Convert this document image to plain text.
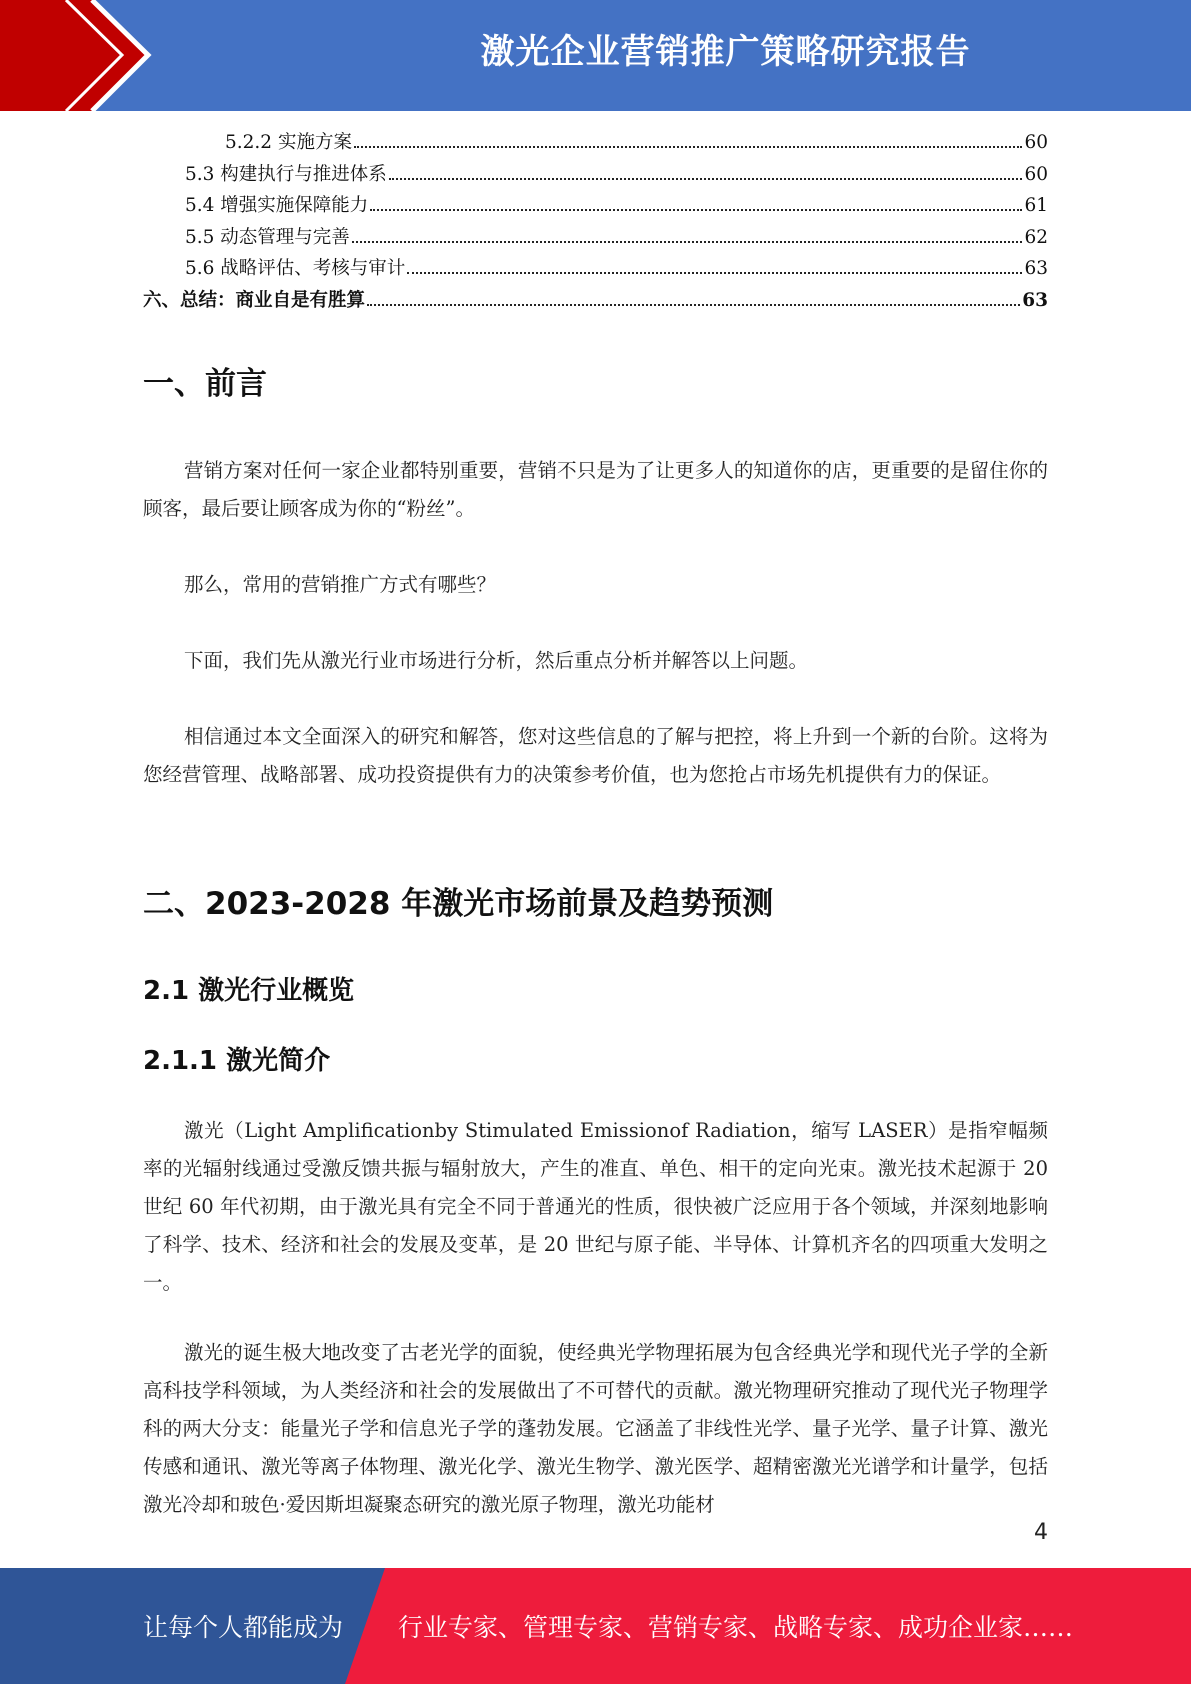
激光企业营销推广策略研究报告
5.2.2 实施方案	60
5.3 构建执行与推进体系	60
5.4 增强实施保障能力	61
5.5 动态管理与完善	62
5.6 战略评估、考核与审计	63
六、总结：商业自是有胜算	63
一、前言

营销方案对任何一家企业都特别重要，营销不只是为了让更多人的知道你的店，更重要的是留住你的顾客，最后要让顾客成为你的“粉丝”。

那么，常用的营销推广方式有哪些？

下面，我们先从激光行业市场进行分析，然后重点分析并解答以上问题。

相信通过本文全面深入的研究和解答，您对这些信息的了解与把控，将上升到一个新的台阶。这将为您经营管理、战略部署、成功投资提供有力的决策参考价值，也为您抢占市场先机提供有力的保证。

二、2023-2028 年激光市场前景及趋势预测
2.1 激光行业概览
2.1.1 激光简介

激光（Light Amplificationby Stimulated Emissionof Radiation，缩写 LASER）是指窄幅频率的光辐射线通过受激反馈共振与辐射放大，产生的准直、单色、相干的定向光束。激光技术起源于 20 世纪 60 年代初期，由于激光具有完全不同于普通光的性质，很快被广泛应用于各个领域，并深刻地影响了科学、技术、经济和社会的发展及变革，是 20 世纪与原子能、半导体、计算机齐名的四项重大发明之一。

激光的诞生极大地改变了古老光学的面貌，使经典光学物理拓展为包含经典光学和现代光子学的全新高科技学科领域，为人类经济和社会的发展做出了不可替代的贡献。激光物理研究推动了现代光子物理学科的两大分支：能量光子学和信息光子学的蓬勃发展。它涵盖了非线性光学、量子光学、量子计算、激光传感和通讯、激光等离子体物理、激光化学、激光生物学、激光医学、超精密激光光谱学和计量学，包括激光冷却和玻色·爱因斯坦凝聚态研究的激光原子物理，激光功能材

4
让每个人都能成为 行业专家、管理专家、营销专家、战略专家、成功企业家……
